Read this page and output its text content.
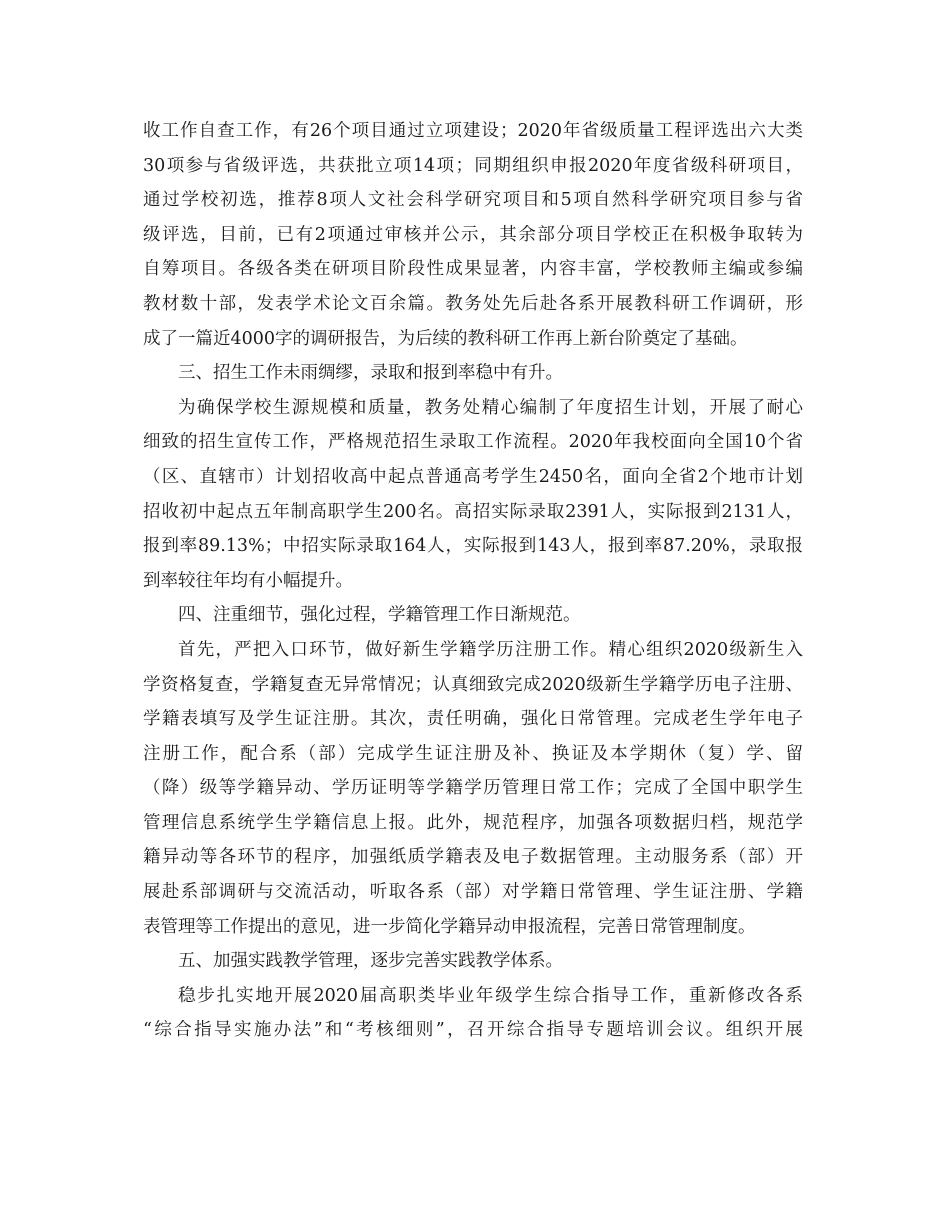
收工作自查工作，有26个项目通过立项建设；2020年省级质量工程评选出六大类
30项参与省级评选，共获批立项14项；同期组织申报2020年度省级科研项目，
通过学校初选，推荐8项人文社会科学研究项目和5项自然科学研究项目参与省
级评选，目前，已有2项通过审核并公示，其余部分项目学校正在积极争取转为
自筹项目。各级各类在研项目阶段性成果显著，内容丰富，学校教师主编或参编
教材数十部，发表学术论文百余篇。教务处先后赴各系开展教科研工作调研，形
成了一篇近4000字的调研报告，为后续的教科研工作再上新台阶奠定了基础。
三、招生工作未雨绸缪，录取和报到率稳中有升。
为确保学校生源规模和质量，教务处精心编制了年度招生计划，开展了耐心
细致的招生宣传工作，严格规范招生录取工作流程。2020年我校面向全国10个省
（区、直辖市）计划招收高中起点普通高考学生2450名，面向全省2个地市计划
招收初中起点五年制高职学生200名。高招实际录取2391人，实际报到2131人，
报到率89.13%；中招实际录取164人，实际报到143人，报到率87.20%，录取报
到率较往年均有小幅提升。
四、注重细节，强化过程，学籍管理工作日渐规范。
首先，严把入口环节，做好新生学籍学历注册工作。精心组织2020级新生入
学资格复查，学籍复查无异常情况；认真细致完成2020级新生学籍学历电子注册、
学籍表填写及学生证注册。其次，责任明确，强化日常管理。完成老生学年电子
注册工作，配合系（部）完成学生证注册及补、换证及本学期休（复）学、留
（降）级等学籍异动、学历证明等学籍学历管理日常工作；完成了全国中职学生
管理信息系统学生学籍信息上报。此外，规范程序，加强各项数据归档，规范学
籍异动等各环节的程序，加强纸质学籍表及电子数据管理。主动服务系（部）开
展赴系部调研与交流活动，听取各系（部）对学籍日常管理、学生证注册、学籍
表管理等工作提出的意见，进一步简化学籍异动申报流程，完善日常管理制度。
五、加强实践教学管理，逐步完善实践教学体系。
稳步扎实地开展2020届高职类毕业年级学生综合指导工作，重新修改各系
“综合指导实施办法”和“考核细则”，召开综合指导专题培训会议。组织开展
